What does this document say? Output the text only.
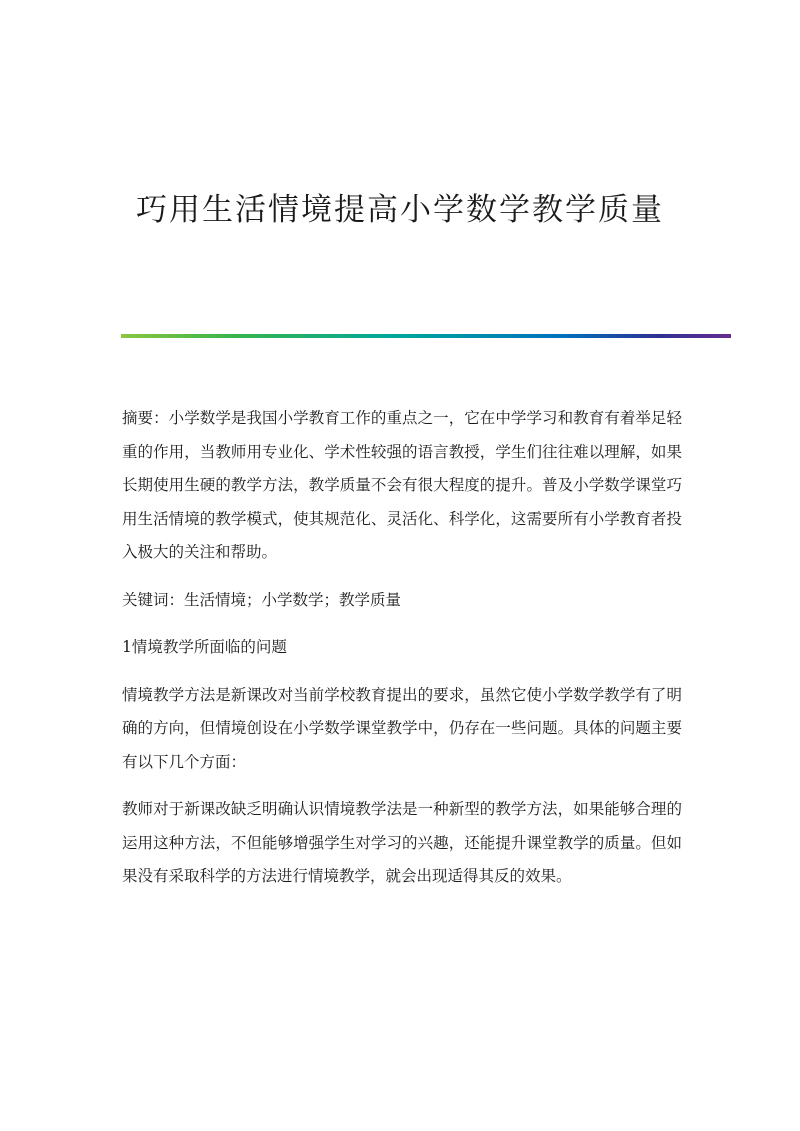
巧用生活情境提高小学数学教学质量

摘要：小学数学是我国小学教育工作的重点之一，它在中学学习和教育有着举足轻重的作用，当教师用专业化、学术性较强的语言教授，学生们往往难以理解，如果长期使用生硬的教学方法，教学质量不会有很大程度的提升。普及小学数学课堂巧用生活情境的教学模式，使其规范化、灵活化、科学化，这需要所有小学教育者投入极大的关注和帮助。

关键词：生活情境；小学数学；教学质量

1情境教学所面临的问题

情境教学方法是新课改对当前学校教育提出的要求，虽然它使小学数学教学有了明确的方向，但情境创设在小学数学课堂教学中，仍存在一些问题。具体的问题主要有以下几个方面：

教师对于新课改缺乏明确认识情境教学法是一种新型的教学方法，如果能够合理的运用这种方法，不但能够增强学生对学习的兴趣，还能提升课堂教学的质量。但如果没有采取科学的方法进行情境教学，就会出现适得其反的效果。
